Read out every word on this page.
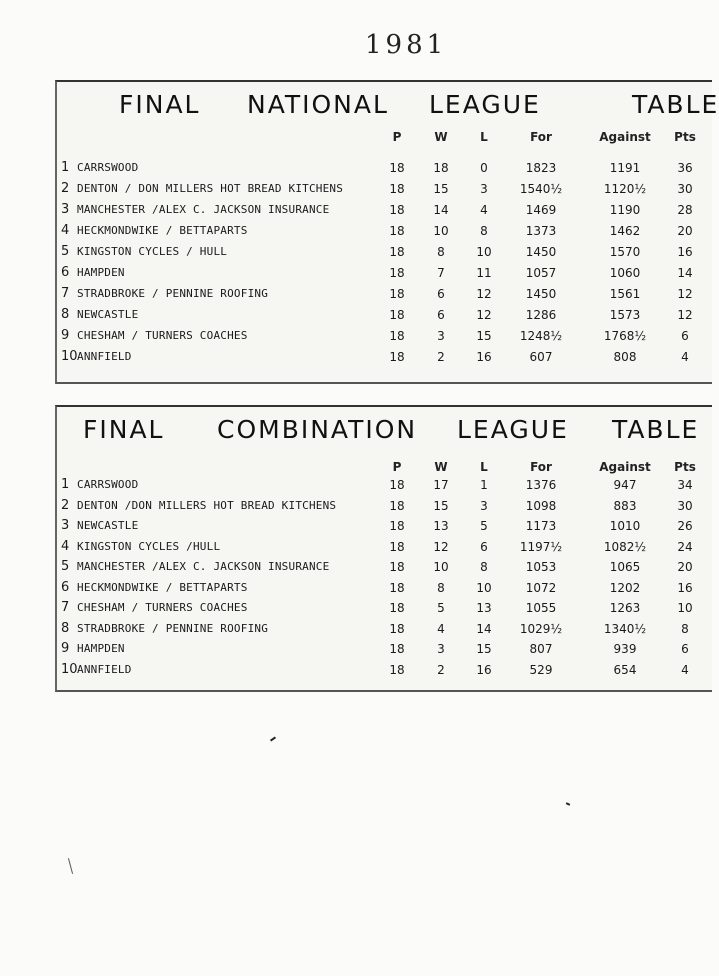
1981
FINAL NATIONAL LEAGUE	TABLE
P	W	L	For	Against	Pts
1 CARRSWOOD	18	18	0	1823	1191	36
2 DENTON / DON MILLERS HOT BREAD KITCHENS	18	15	3	1540½	1120½	30
3 MANCHESTER /ALEX C. JACKSON INSURANCE	18	14	4	1469	1190	28
4 HECKMONDWIKE / BETTAPARTS	18	10	8	1373	1462	20
5 KINGSTON CYCLES / HULL	18	8	10	1450	1570	16
6 HAMPDEN	18	7	11	1057	1060	14
7 STRADBROKE / PENNINE ROOFING	18	6	12	1450	1561	12
8 NEWCASTLE	18	6	12	1286	1573	12
9 CHESHAM / TURNERS COACHES	18	3	15	1248½	1768½	6
10 ANNFIELD	18	2	16	607	808	4
FINAL COMBINATION LEAGUE TABLE
P	W	L	For	Against	Pts
1 CARRSWOOD	18	17	1	1376	947	34
2 DENTON /DON MILLERS HOT BREAD KITCHENS	18	15	3	1098	883	30
3 NEWCASTLE	18	13	5	1173	1010	26
4 KINGSTON CYCLES /HULL	18	12	6	1197½	1082½	24
5 MANCHESTER /ALEX C. JACKSON INSURANCE	18	10	8	1053	1065	20
6 HECKMONDWIKE / BETTAPARTS	18	8	10	1072	1202	16
7 CHESHAM / TURNERS COACHES	18	5	13	1055	1263	10
8 STRADBROKE / PENNINE ROOFING	18	4	14	1029½	1340½	8
9 HAMPDEN	18	3	15	807	939	6
10 ANNFIELD	18	2	16	529	654	4
